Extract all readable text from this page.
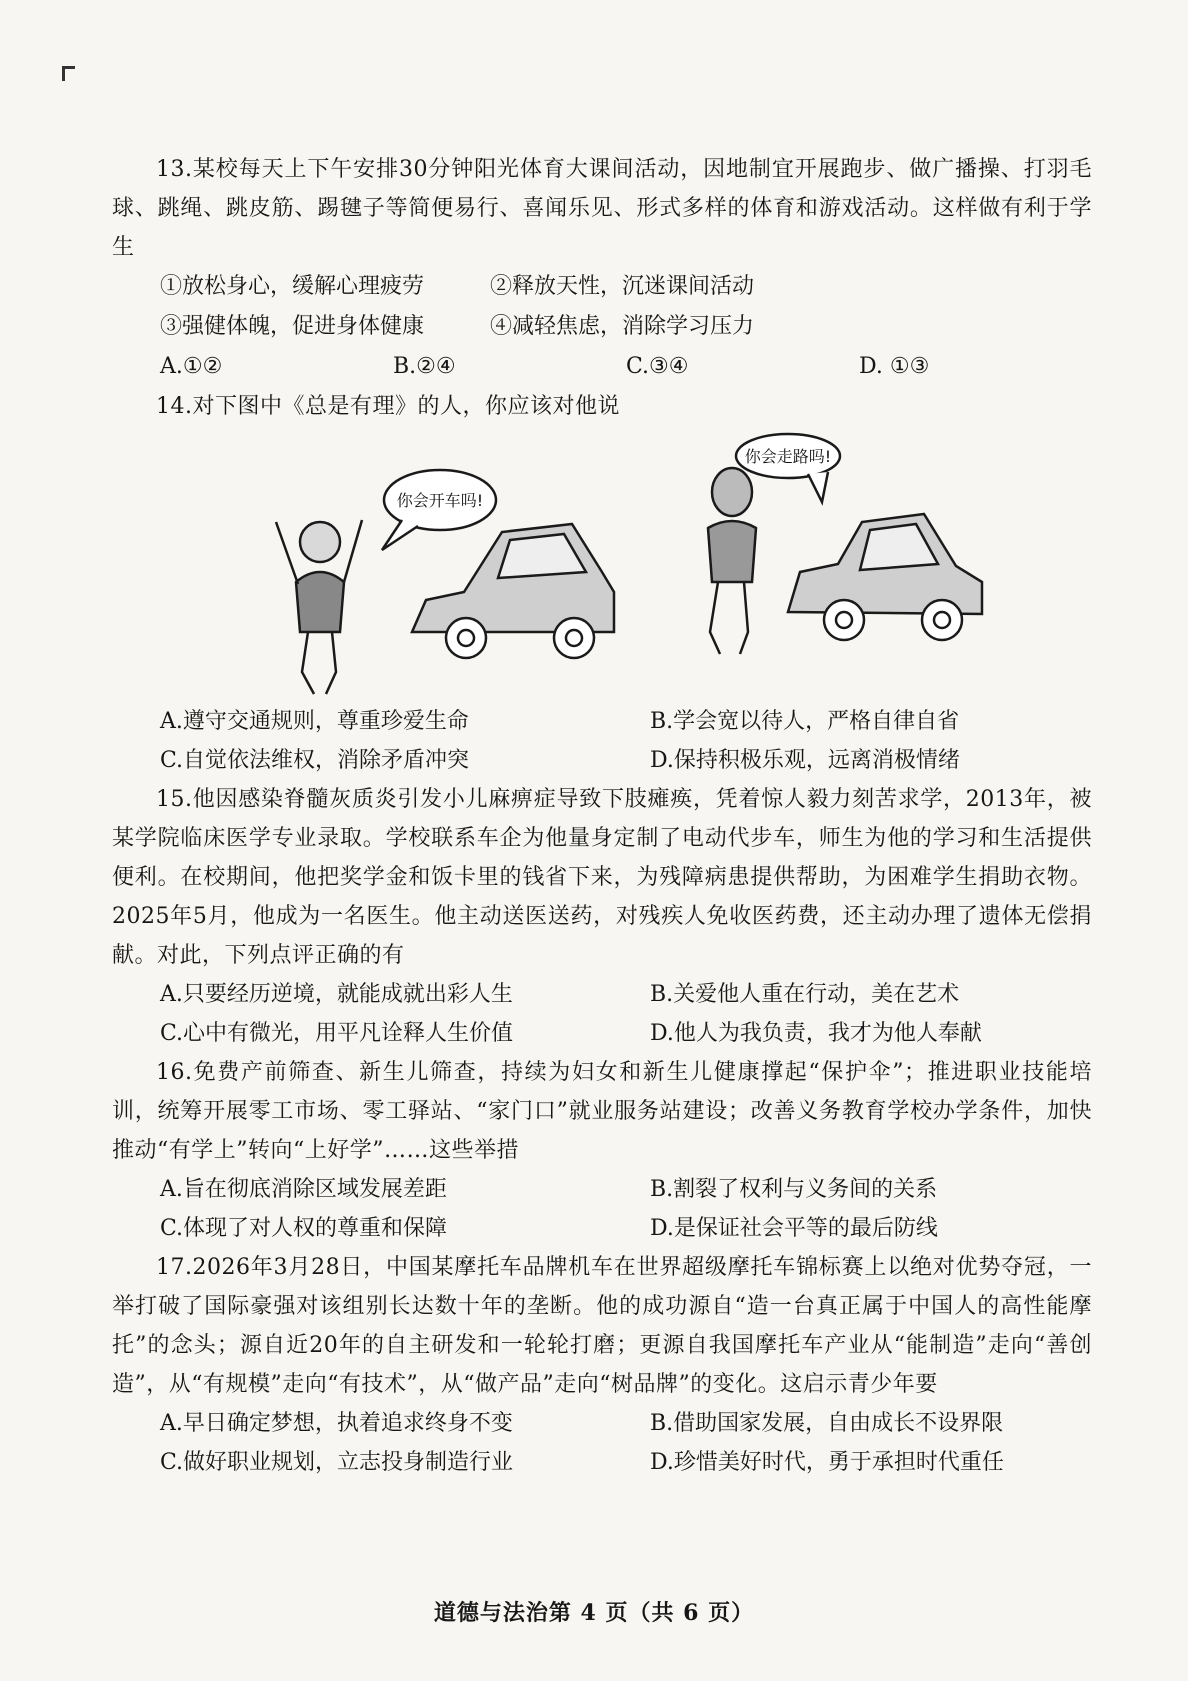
13.某校每天上下午安排30分钟阳光体育大课间活动，因地制宜开展跑步、做广播操、打羽毛球、跳绳、跳皮筋、踢毽子等简便易行、喜闻乐见、形式多样的体育和游戏活动。这样做有利于学生
①放松身心，缓解心理疲劳	②释放天性，沉迷课间活动
③强健体魄，促进身体健康	④减轻焦虑，消除学习压力
A.①②	B.②④	C.③④	D. ①③
14.对下图中《总是有理》的人，你应该对他说
你会开车吗!
你会走路吗!
A.遵守交通规则，尊重珍爱生命	B.学会宽以待人，严格自律自省
C.自觉依法维权，消除矛盾冲突	D.保持积极乐观，远离消极情绪
15.他因感染脊髓灰质炎引发小儿麻痹症导致下肢瘫痪，凭着惊人毅力刻苦求学，2013年，被某学院临床医学专业录取。学校联系车企为他量身定制了电动代步车，师生为他的学习和生活提供便利。在校期间，他把奖学金和饭卡里的钱省下来，为残障病患提供帮助，为困难学生捐助衣物。2025年5月，他成为一名医生。他主动送医送药，对残疾人免收医药费，还主动办理了遗体无偿捐献。对此，下列点评正确的有
A.只要经历逆境，就能成就出彩人生	B.关爱他人重在行动，美在艺术
C.心中有微光，用平凡诠释人生价值	D.他人为我负责，我才为他人奉献
16.免费产前筛查、新生儿筛查，持续为妇女和新生儿健康撑起“保护伞”；推进职业技能培训，统筹开展零工市场、零工驿站、“家门口”就业服务站建设；改善义务教育学校办学条件，加快推动“有学上”转向“上好学”……这些举措
A.旨在彻底消除区域发展差距	B.割裂了权利与义务间的关系
C.体现了对人权的尊重和保障	D.是保证社会平等的最后防线
17.2026年3月28日，中国某摩托车品牌机车在世界超级摩托车锦标赛上以绝对优势夺冠，一举打破了国际豪强对该组别长达数十年的垄断。他的成功源自“造一台真正属于中国人的高性能摩托”的念头；源自近20年的自主研发和一轮轮打磨；更源自我国摩托车产业从“能制造”走向“善创造”，从“有规模”走向“有技术”，从“做产品”走向“树品牌”的变化。这启示青少年要
A.早日确定梦想，执着追求终身不变	B.借助国家发展，自由成长不设界限
C.做好职业规划，立志投身制造行业	D.珍惜美好时代，勇于承担时代重任
道德与法治第 4 页（共 6 页）
